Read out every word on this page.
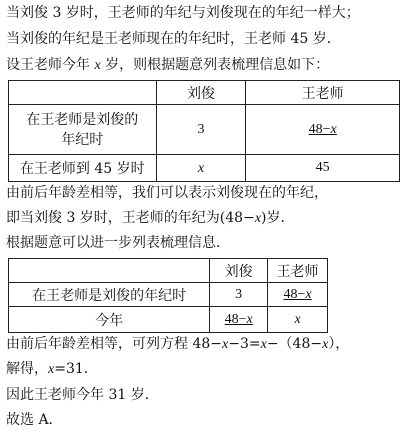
当刘俊 3 岁时，王老师的年纪与刘俊现在的年纪一样大；
当刘俊的年纪是王老师现在的年纪时，王老师 45 岁．
设王老师今年 x 岁，则根据题意列表梳理信息如下：
	刘俊	王老师

在王老师是刘俊的
年纪时	3	48−x
在王老师到 45 岁时	x	45
由前后年龄差相等，我们可以表示刘俊现在的年纪，
即当刘俊 3 岁时，王老师的年纪为(48−x)岁．
根据题意可以进一步列表梳理信息．
	刘俊	王老师
在王老师是刘俊的年纪时	3	48−x
今年	48−x	x
由前后年龄差相等，可列方程 48−x−3=x−（48−x），
解得，x=31．
因此王老师今年 31 岁．
故选 A．
